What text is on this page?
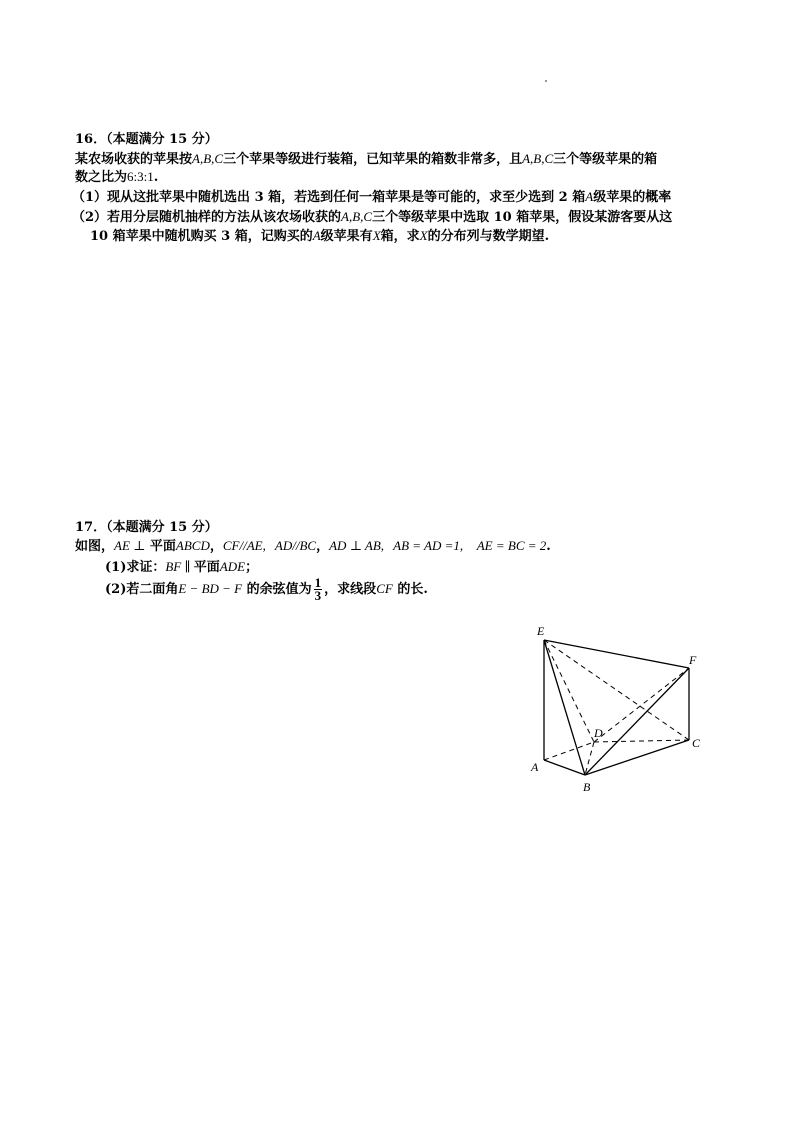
16．（本题满分 15 分）
某农场收获的苹果按A,B,C三个苹果等级进行装箱，已知苹果的箱数非常多，且A,B,C三个等级苹果的箱
数之比为6:3:1.
（1）现从这批苹果中随机选出 3 箱，若选到任何一箱苹果是等可能的，求至少选到 2 箱A级苹果的概率
（2）若用分层随机抽样的方法从该农场收获的A,B,C三个等级苹果中选取 10 箱苹果，假设某游客要从这
10 箱苹果中随机购买 3 箱，记购买的A级苹果有X箱，求X的分布列与数学期望.
17．（本题满分 15 分）
如图，AE ⊥ 平面ABCD，CF//AE, AD//BC，AD ⊥ AB, AB = AD =1, AE = BC = 2.
(1)求证：BF ∥ 平面ADE；
(2)若二面角E − BD − F 的余弦值为 $\frac{1}{3}$ ，求线段CF 的长.
E
F
D
C
A
B
